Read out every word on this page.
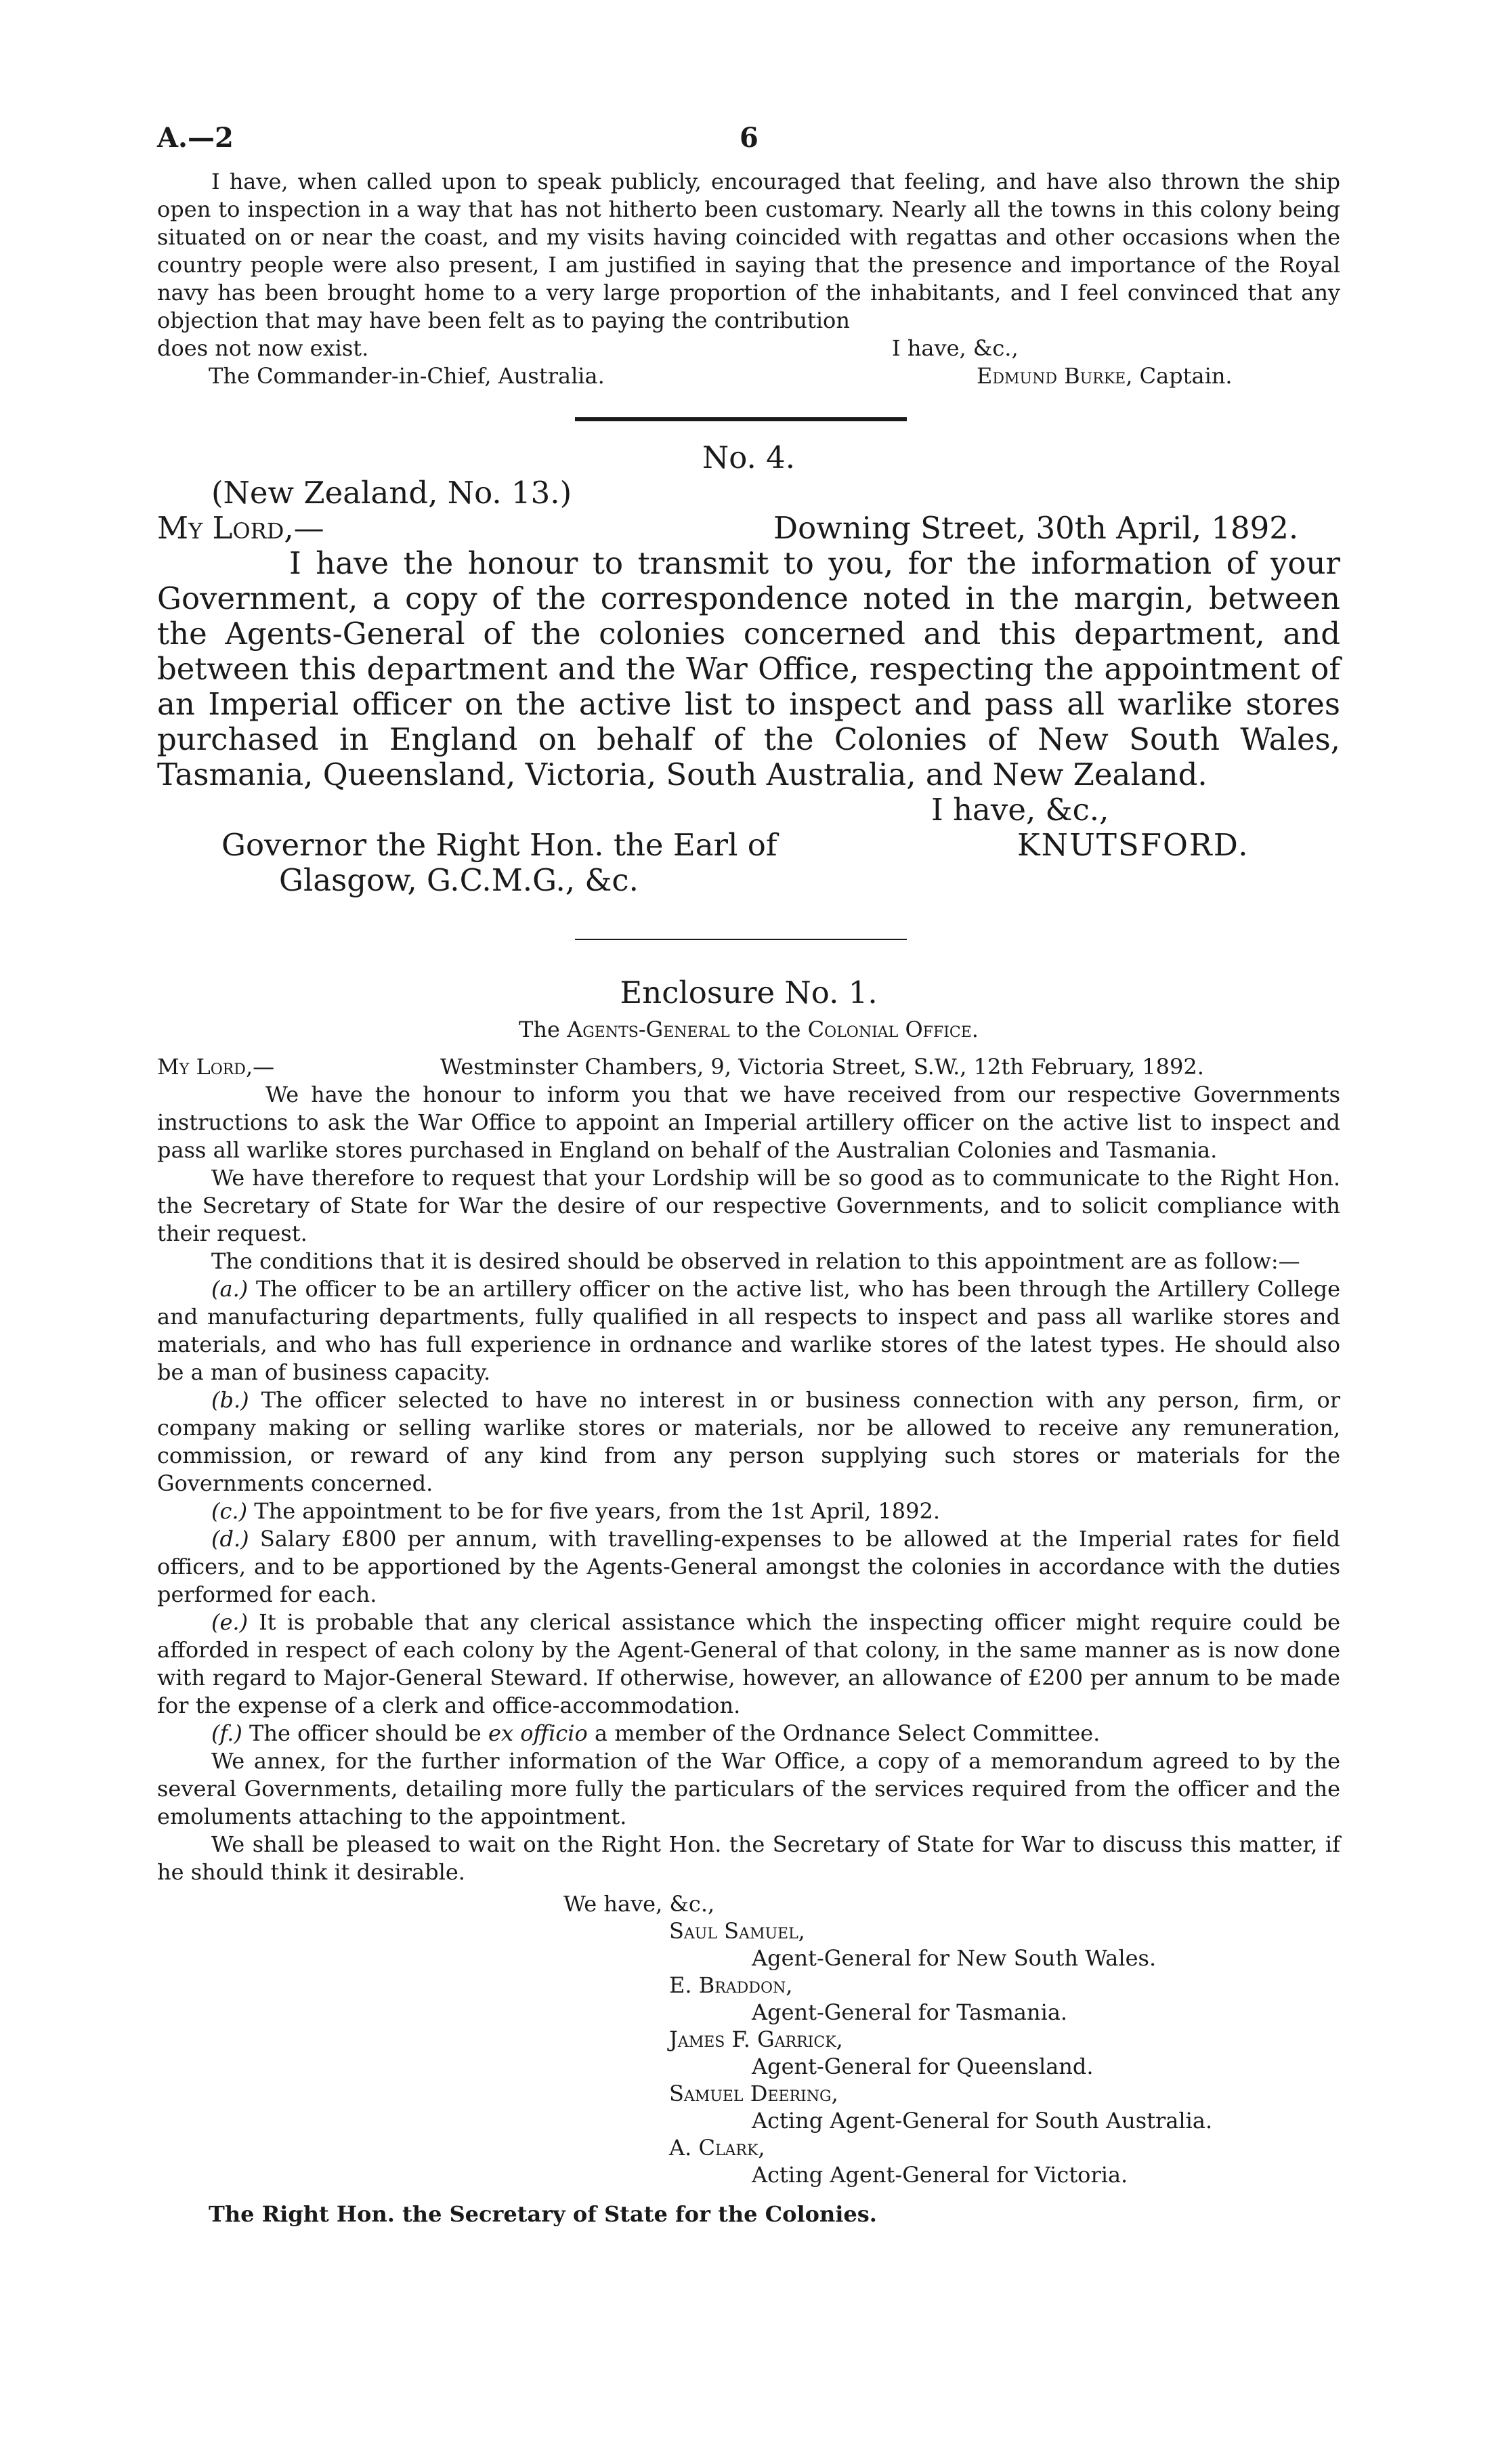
A.—2	6

I have, when called upon to speak publicly, encouraged that feeling, and have also thrown the ship open to inspection in a way that has not hitherto been customary. Nearly all the towns in this colony being situated on or near the coast, and my visits having coincided with regattas and other occasions when the country people were also present, I am justified in saying that the presence and importance of the Royal navy has been brought home to a very large proportion of the inhabitants, and I feel convinced that any objection that may have been felt as to paying the contribution

does not now exist.	I have, &c.,
The Commander-in-Chief, Australia.	Edmund Burke, Captain.

No. 4.

(New Zealand, No. 13.)

My Lord,—	Downing Street, 30th April, 1892.

I have the honour to transmit to you, for the information of your Government, a copy of the correspondence noted in the margin, between the Agents-General of the colonies concerned and this department, and between this department and the War Office, respecting the appointment of an Imperial officer on the active list to inspect and pass all warlike stores purchased in England on behalf of the Colonies of New South Wales, Tasmania, Queensland, Victoria, South Australia, and New Zealand.

I have, &c.,
Governor the Right Hon. the Earl of	KNUTSFORD.

Glasgow, G.C.M.G., &c.

Enclosure No. 1.

The Agents-General to the Colonial Office.

My Lord,—	Westminster Chambers, 9, Victoria Street, S.W., 12th February, 1892.

We have the honour to inform you that we have received from our respective Governments instructions to ask the War Office to appoint an Imperial artillery officer on the active list to inspect and pass all warlike stores purchased in England on behalf of the Australian Colonies and Tasmania.

We have therefore to request that your Lordship will be so good as to communicate to the Right Hon. the Secretary of State for War the desire of our respective Governments, and to solicit compliance with their request.

The conditions that it is desired should be observed in relation to this appointment are as follow:—

(a.) The officer to be an artillery officer on the active list, who has been through the Artillery College and manufacturing departments, fully qualified in all respects to inspect and pass all warlike stores and materials, and who has full experience in ordnance and warlike stores of the latest types. He should also be a man of business capacity.

(b.) The officer selected to have no interest in or business connection with any person, firm, or company making or selling warlike stores or materials, nor be allowed to receive any remuneration, commission, or reward of any kind from any person supplying such stores or materials for the Governments concerned.

(c.) The appointment to be for five years, from the 1st April, 1892.

(d.) Salary £800 per annum, with travelling-expenses to be allowed at the Imperial rates for field officers, and to be apportioned by the Agents-General amongst the colonies in accordance with the duties performed for each.

(e.) It is probable that any clerical assistance which the inspecting officer might require could be afforded in respect of each colony by the Agent-General of that colony, in the same manner as is now done with regard to Major-General Steward. If otherwise, however, an allowance of £200 per annum to be made for the expense of a clerk and office-accommodation.

(f.) The officer should be ex officio a member of the Ordnance Select Committee.

We annex, for the further information of the War Office, a copy of a memorandum agreed to by the several Governments, detailing more fully the particulars of the services required from the officer and the emoluments attaching to the appointment.

We shall be pleased to wait on the Right Hon. the Secretary of State for War to discuss this matter, if he should think it desirable.

We have, &c.,

Saul Samuel,

Agent-General for New South Wales.

E. Braddon,

Agent-General for Tasmania.

James F. Garrick,

Agent-General for Queensland.

Samuel Deering,

Acting Agent-General for South Australia.

A. Clark,

Acting Agent-General for Victoria.

The Right Hon. the Secretary of State for the Colonies.
